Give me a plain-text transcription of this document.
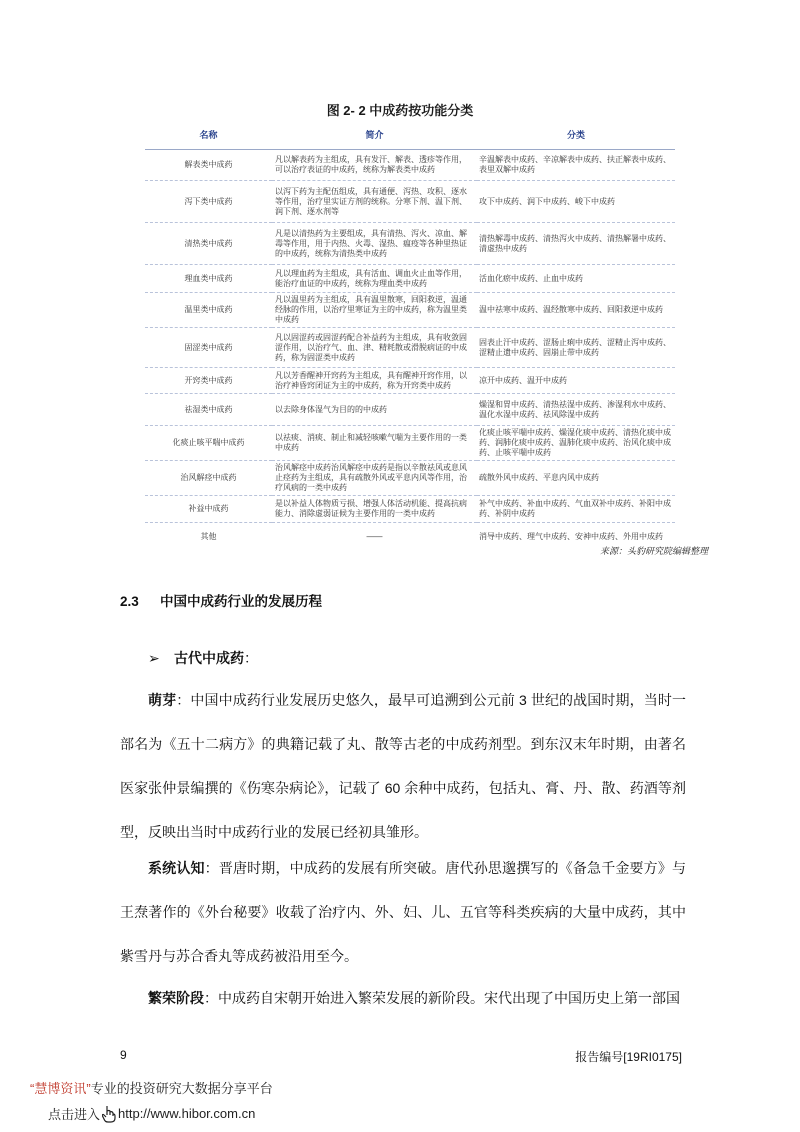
图 2- 2 中成药按功能分类
名称	简介	分类
解表类中成药	凡以解表药为主组成，具有发汗、解表、透疹等作用，可以治疗表证的中成药，统称为解表类中成药	辛温解表中成药、辛凉解表中成药、扶正解表中成药、表里双解中成药
泻下类中成药	以泻下药为主配伍组成，具有通便、泻热、攻积、逐水等作用，治疗里实证方剂的统称。分寒下剂、温下剂、润下剂、逐水剂等	攻下中成药、润下中成药、峻下中成药
清热类中成药	凡是以清热药为主要组成，具有清热、泻火、凉血、解毒等作用，用于内热、火毒、湿热、瘟疫等各种里热证的中成药，统称为清热类中成药	清热解毒中成药、清热泻火中成药、清热解暑中成药、清虚热中成药
理血类中成药	凡以理血药为主组成，具有活血、调血火止血等作用，能治疗血证的中成药，统称为理血类中成药	活血化瘀中成药、止血中成药
温里类中成药	凡以温里药为主组成，具有温里散寒，回阳救逆，温通经脉的作用，以治疗里寒证为主的中成药，称为温里类中成药	温中祛寒中成药、温经散寒中成药、回阳救逆中成药
固涩类中成药	凡以固涩药或固涩药配合补益药为主组成，具有收敛固涩作用，以治疗气、血、津、精耗散或滑脱病证的中成药，称为固涩类中成药	固表止汗中成药、涩肠止痢中成药、涩精止泻中成药、涩精止遗中成药、固崩止带中成药
开窍类中成药	凡以芳香醒神开窍药为主组成，具有醒神开窍作用，以治疗神昏窍闭证为主的中成药，称为开窍类中成药	凉开中成药、温开中成药
祛湿类中成药	以去除身体湿气为目的的中成药	燥湿和胃中成药、清热祛湿中成药、渗湿利水中成药、温化水湿中成药、祛风除湿中成药
化痰止咳平喘中成药	以祛痰、消痰、制止和减轻咳嗽气喘为主要作用的一类中成药	化痰止咳平喘中成药、燥湿化痰中成药、清热化痰中成药、润肺化痰中成药、温肺化痰中成药、治风化痰中成药、止咳平喘中成药
治风解痉中成药	治风解痉中成药治风解痉中成药是指以辛散祛风或息风止痉药为主组成，具有疏散外风或平息内风等作用，治疗风病的一类中成药	疏散外风中成药、平息内风中成药
补益中成药	是以补益人体物质亏损、增强人体活动机能、提高抗病能力、消除虚弱证候为主要作用的一类中成药	补气中成药、补血中成药、气血双补中成药、补阳中成药、补阴中成药
其他	——	消导中成药、理气中成药、安神中成药、外用中成药
来源：头豹研究院编辑整理
2.3 中国中成药行业的发展历程
➢ 古代中成药：

萌芽：中国中成药行业发展历史悠久，最早可追溯到公元前 3 世纪的战国时期，当时一部名为《五十二病方》的典籍记载了丸、散等古老的中成药剂型。到东汉末年时期，由著名医家张仲景编撰的《伤寒杂病论》，记载了 60 余种中成药，包括丸、膏、丹、散、药酒等剂型，反映出当时中成药行业的发展已经初具雏形。

系统认知：晋唐时期，中成药的发展有所突破。唐代孙思邈撰写的《备急千金要方》与王焘著作的《外台秘要》收载了治疗内、外、妇、儿、五官等科类疾病的大量中成药，其中紫雪丹与苏合香丸等成药被沿用至今。

繁荣阶段：中成药自宋朝开始进入繁荣发展的新阶段。宋代出现了中国历史上第一部国

9	报告编号[19RI0175]
“慧博资讯”专业的投资研究大数据分享平台
点击进入 http://www.hibor.com.cn
